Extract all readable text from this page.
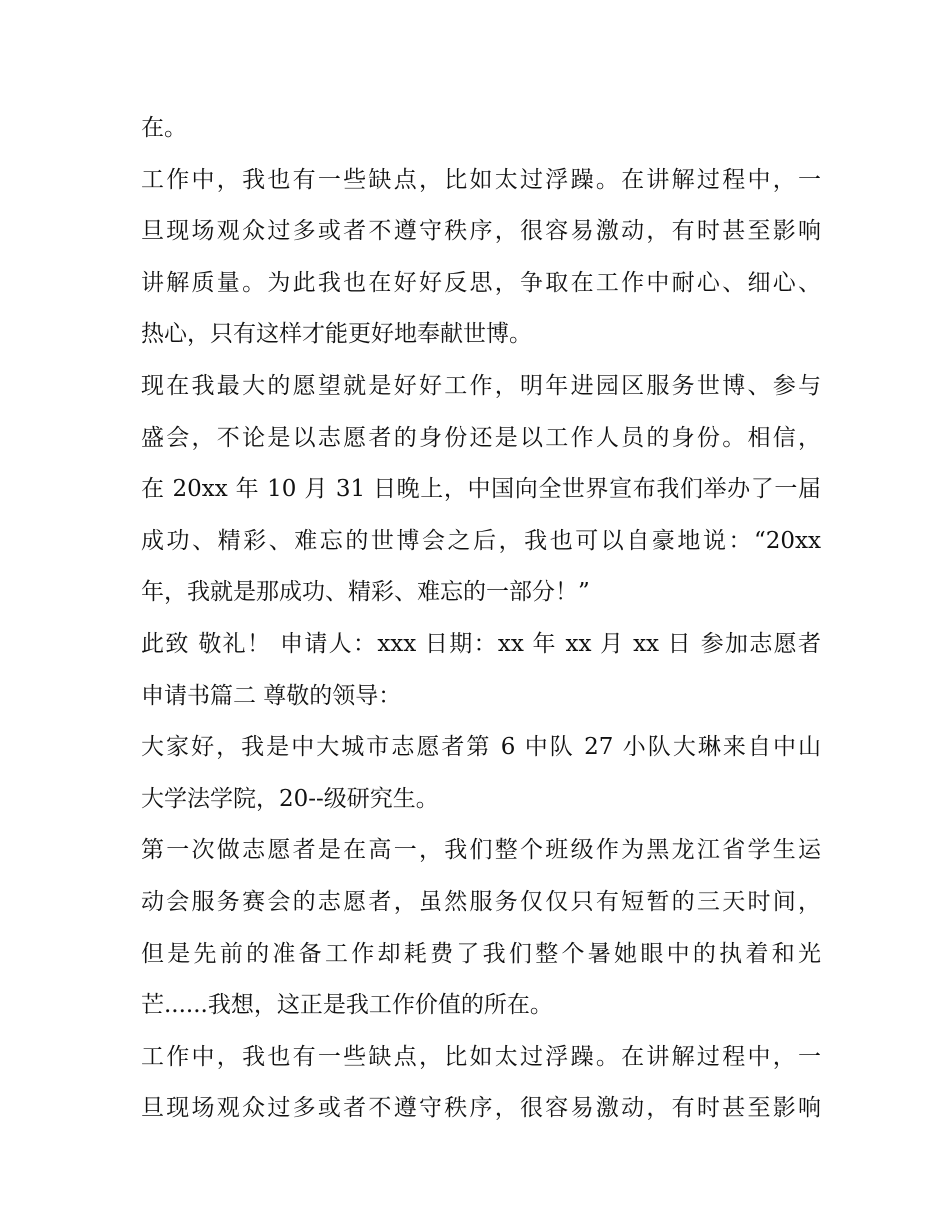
在。
工作中，我也有一些缺点，比如太过浮躁。在讲解过程中，一
旦现场观众过多或者不遵守秩序，很容易激动，有时甚至影响
讲解质量。为此我也在好好反思，争取在工作中耐心、细心、
热心，只有这样才能更好地奉献世博。
现在我最大的愿望就是好好工作，明年进园区服务世博、参与
盛会，不论是以志愿者的身份还是以工作人员的身份。相信，
在 20xx 年 10 月 31 日晚上，中国向全世界宣布我们举办了一届
成功、精彩、难忘的世博会之后，我也可以自豪地说：“20xx
年，我就是那成功、精彩、难忘的一部分！”
此致 敬礼！ 申请人：xxx 日期：xx 年 xx 月 xx 日 参加志愿者
申请书篇二 尊敬的领导：
大家好，我是中大城市志愿者第 6 中队 27 小队大琳来自中山
大学法学院，20--级研究生。
第一次做志愿者是在高一，我们整个班级作为黑龙江省学生运
动会服务赛会的志愿者，虽然服务仅仅只有短暂的三天时间，
但是先前的准备工作却耗费了我们整个暑她眼中的执着和光
芒......我想，这正是我工作价值的所在。
工作中，我也有一些缺点，比如太过浮躁。在讲解过程中，一
旦现场观众过多或者不遵守秩序，很容易激动，有时甚至影响
